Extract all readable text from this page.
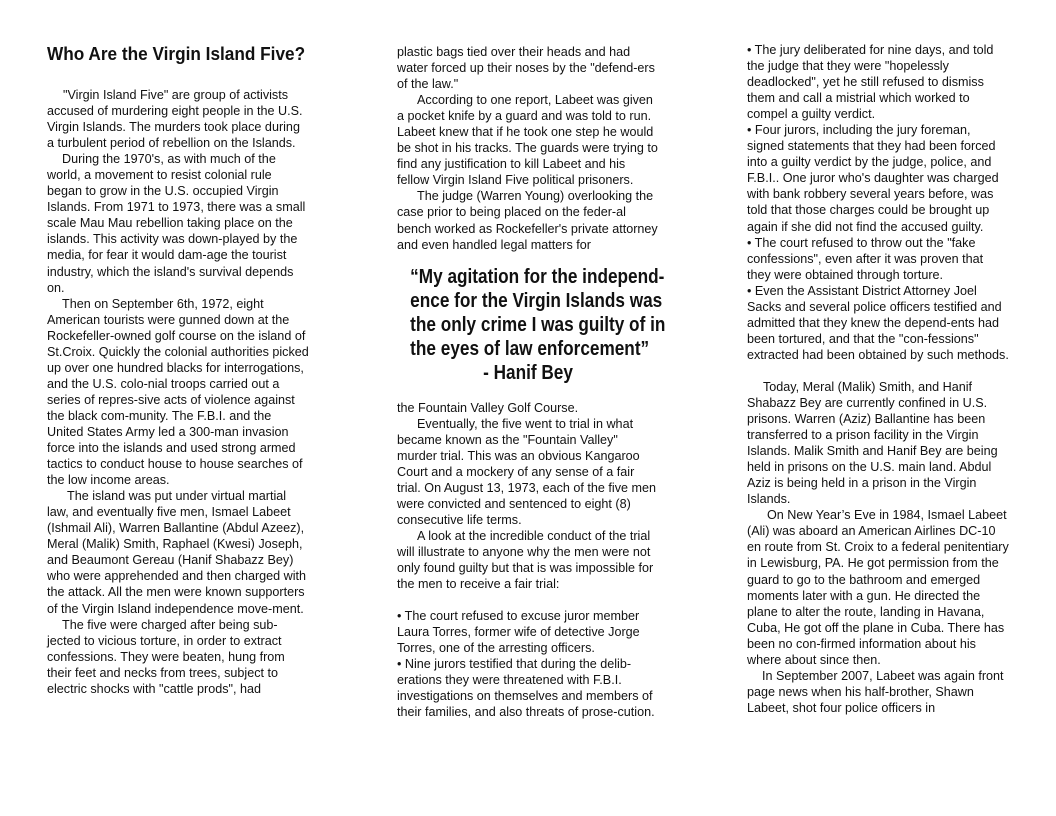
Who Are the Virgin Island Five?

"Virgin Island Five" are group of activists accused of murdering eight people in the U.S. Virgin Islands. The murders took place during a turbulent period of rebellion on the Islands.

During the 1970's, as with much of the world, a movement to resist colonial rule began to grow in the U.S. occupied Virgin Islands. From 1971 to 1973, there was a small scale Mau Mau rebellion taking place on the islands. This activity was down-played by the media, for fear it would dam-age the tourist industry, which the island's survival depends on.

Then on September 6th, 1972, eight American tourists were gunned down at the Rockefeller-owned golf course on the island of St.Croix. Quickly the colonial authorities picked up over one hundred blacks for interrogations, and the U.S. colo-nial troops carried out a series of repres-sive acts of violence against the black com-munity. The F.B.I. and the United States Army led a 300-man invasion force into the islands and used strong armed tactics to conduct house to house searches of the low income areas.

The island was put under virtual martial law, and eventually five men, Ismael Labeet (Ishmail Ali), Warren Ballantine (Abdul Azeez), Meral (Malik) Smith, Raphael (Kwesi) Joseph, and Beaumont Gereau (Hanif Shabazz Bey) who were apprehended and then charged with the attack. All the men were known supporters of the Virgin Island independence move-ment.

The five were charged after being sub-jected to vicious torture, in order to extract confessions. They were beaten, hung from their feet and necks from trees, subject to electric shocks with "cattle prods", had

plastic bags tied over their heads and had water forced up their noses by the "defend-ers of the law."

According to one report, Labeet was given a pocket knife by a guard and was told to run. Labeet knew that if he took one step he would be shot in his tracks. The guards were trying to find any justification to kill Labeet and his fellow Virgin Island Five political prisoners.

The judge (Warren Young) overlooking the case prior to being placed on the feder-al bench worked as Rockefeller's private attorney and even handled legal matters for

“My agitation for the independ-
ence for the Virgin Islands was
the only crime I was guilty of in
the eyes of law enforcement”
- Hanif Bey

the Fountain Valley Golf Course.

Eventually, the five went to trial in what became known as the "Fountain Valley" murder trial. This was an obvious Kangaroo Court and a mockery of any sense of a fair trial. On August 13, 1973, each of the five men were convicted and sentenced to eight (8) consecutive life terms.

A look at the incredible conduct of the trial will illustrate to anyone why the men were not only found guilty but that is was impossible for the men to receive a fair trial:

• The court refused to excuse juror member Laura Torres, former wife of detective Jorge Torres, one of the arresting officers.

• Nine jurors testified that during the delib-erations they were threatened with F.B.I. investigations on themselves and members of their families, and also threats of prose-cution.

• The jury deliberated for nine days, and told the judge that they were "hopelessly deadlocked", yet he still refused to dismiss them and call a mistrial which worked to compel a guilty verdict.

• Four jurors, including the jury foreman, signed statements that they had been forced into a guilty verdict by the judge, police, and F.B.I.. One juror who's daughter was charged with bank robbery several years before, was told that those charges could be brought up again if she did not find the accused guilty.

• The court refused to throw out the "fake confessions", even after it was proven that they were obtained through torture.

• Even the Assistant District Attorney Joel Sacks and several police officers testified and admitted that they knew the depend-ents had been tortured, and that the "con-fessions" extracted had been obtained by such methods.

Today, Meral (Malik) Smith, and Hanif Shabazz Bey are currently confined in U.S. prisons. Warren (Aziz) Ballantine has been transferred to a prison facility in the Virgin Islands. Malik Smith and Hanif Bey are being held in prisons on the U.S. main land. Abdul Aziz is being held in a prison in the Virgin Islands.

On New Year’s Eve in 1984, Ismael Labeet (Ali) was aboard an American Airlines DC-10 en route from St. Croix to a federal penitentiary in Lewisburg, PA. He got permission from the guard to go to the bathroom and emerged moments later with a gun. He directed the plane to alter the route, landing in Havana, Cuba, He got off the plane in Cuba. There has been no con-firmed information about his where about since then.

In September 2007, Labeet was again front page news when his half-brother, Shawn Labeet, shot four police officers in
